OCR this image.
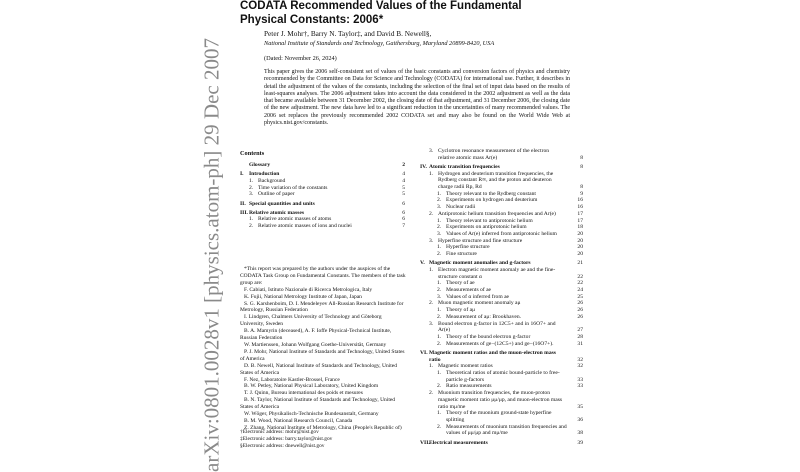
arXiv:0801.0028v1 [physics.atom-ph] 29 Dec 2007
CODATA Recommended Values of the Fundamental Physical Constants: 2006*
Peter J. Mohr†, Barry N. Taylor‡, and David B. Newell§,
National Institute of Standards and Technology, Gaithersburg, Maryland 20899-8420, USA
(Dated: November 26, 2024)

This paper gives the 2006 self-consistent set of values of the basic constants and conversion factors of physics and chemistry recommended by the Committee on Data for Science and Technology (CODATA) for international use. Further, it describes in detail the adjustment of the values of the constants, including the selection of the final set of input data based on the results of least-squares analyses. The 2006 adjustment takes into account the data considered in the 2002 adjustment as well as the data that became available between 31 December 2002, the closing date of that adjustment, and 31 December 2006, the closing date of the new adjustment. The new data have led to a significant reduction in the uncertainties of many recommended values. The 2006 set replaces the previously recommended 2002 CODATA set and may also be found on the World Wide Web at physics.nist.gov/constants.

Contents
Glossary	2
I. Introduction	4
1. Background	4
2. Time variation of the constants	5
3. Outline of paper	5
II. Special quantities and units	6
III. Relative atomic masses	6
1. Relative atomic masses of atoms	6
2. Relative atomic masses of ions and nuclei	7
3. Cyclotron resonance measurement of the electron relative atomic mass Ar(e)	8
IV. Atomic transition frequencies	8
1. Hydrogen and deuterium transition frequencies, the Rydberg constant R∞, and the proton and deuteron charge radii Rp, Rd	8
1. Theory relevant to the Rydberg constant	9
2. Experiments on hydrogen and deuterium	16
3. Nuclear radii	16
2. Antiprotonic helium transition frequencies and Ar(e)	17
1. Theory relevant to antiprotonic helium	17
2. Experiments on antiprotonic helium	18
3. Values of Ar(e) inferred from antiprotonic helium	20
3. Hyperfine structure and fine structure	20
1. Hyperfine structure	20
2. Fine structure	20
V. Magnetic moment anomalies and g-factors	21
1. Electron magnetic moment anomaly ae and the fine-structure constant α	22
1. Theory of ae	22
2. Measurements of ae	24
3. Values of α inferred from ae	25
2. Muon magnetic moment anomaly aμ	26
1. Theory of aμ	26
2. Measurement of aμ: Brookhaven.	26
3. Bound electron g-factor in 12C5+ and in 16O7+ and Ar(e)	27
1. Theory of the bound electron g-factor	28
2. Measurements of ge−(12C5+) and ge−(16O7+).	31
VI. Magnetic moment ratios and the muon-electron mass ratio	32
1. Magnetic moment ratios	32
1. Theoretical ratios of atomic bound-particle to free-particle g-factors	33
2. Ratio measurements	33
2. Muonium transition frequencies, the muon-proton magnetic moment ratio μμ/μp, and muon-electron mass ratio mμ/me	35
1. Theory of the muonium ground-state hyperfine splitting	36
2. Measurements of muonium transition frequencies and values of μμ/μp and mμ/me	38
VII. Electrical measurements	39

*This report was prepared by the authors under the auspices of the CODATA Task Group on Fundamental Constants. The members of the task group are:

F. Cabiati, Istituto Nazionale di Ricerca Metrologica, Italy

K. Fujii, National Metrology Institute of Japan, Japan

S. G. Karshenboim, D. I. Mendeleyev All-Russian Research Institute for Metrology, Russian Federation

I. Lindgren, Chalmers University of Technology and Göteborg University, Sweden

B. A. Mamyrin (deceased), A. F. Ioffe Physical-Technical Institute, Russian Federation

W. Martienssen, Johann Wolfgang Goethe-Universität, Germany

P. J. Mohr, National Institute of Standards and Technology, United States of America

D. B. Newell, National Institute of Standards and Technology, United States of America

F. Nez, Laboratoire Kastler-Brossel, France

B. W. Petley, National Physical Laboratory, United Kingdom

T. J. Quinn, Bureau international des poids et mesures

B. N. Taylor, National Institute of Standards and Technology, United States of America

W. Wöger, Physikalisch-Technische Bundesanstalt, Germany

B. M. Wood, National Research Council, Canada

Z. Zhang, National Institute of Metrology, China (People's Republic of)

†Electronic address: mohr@nist.gov
‡Electronic address: barry.taylor@nist.gov
§Electronic address: dnewell@nist.gov
